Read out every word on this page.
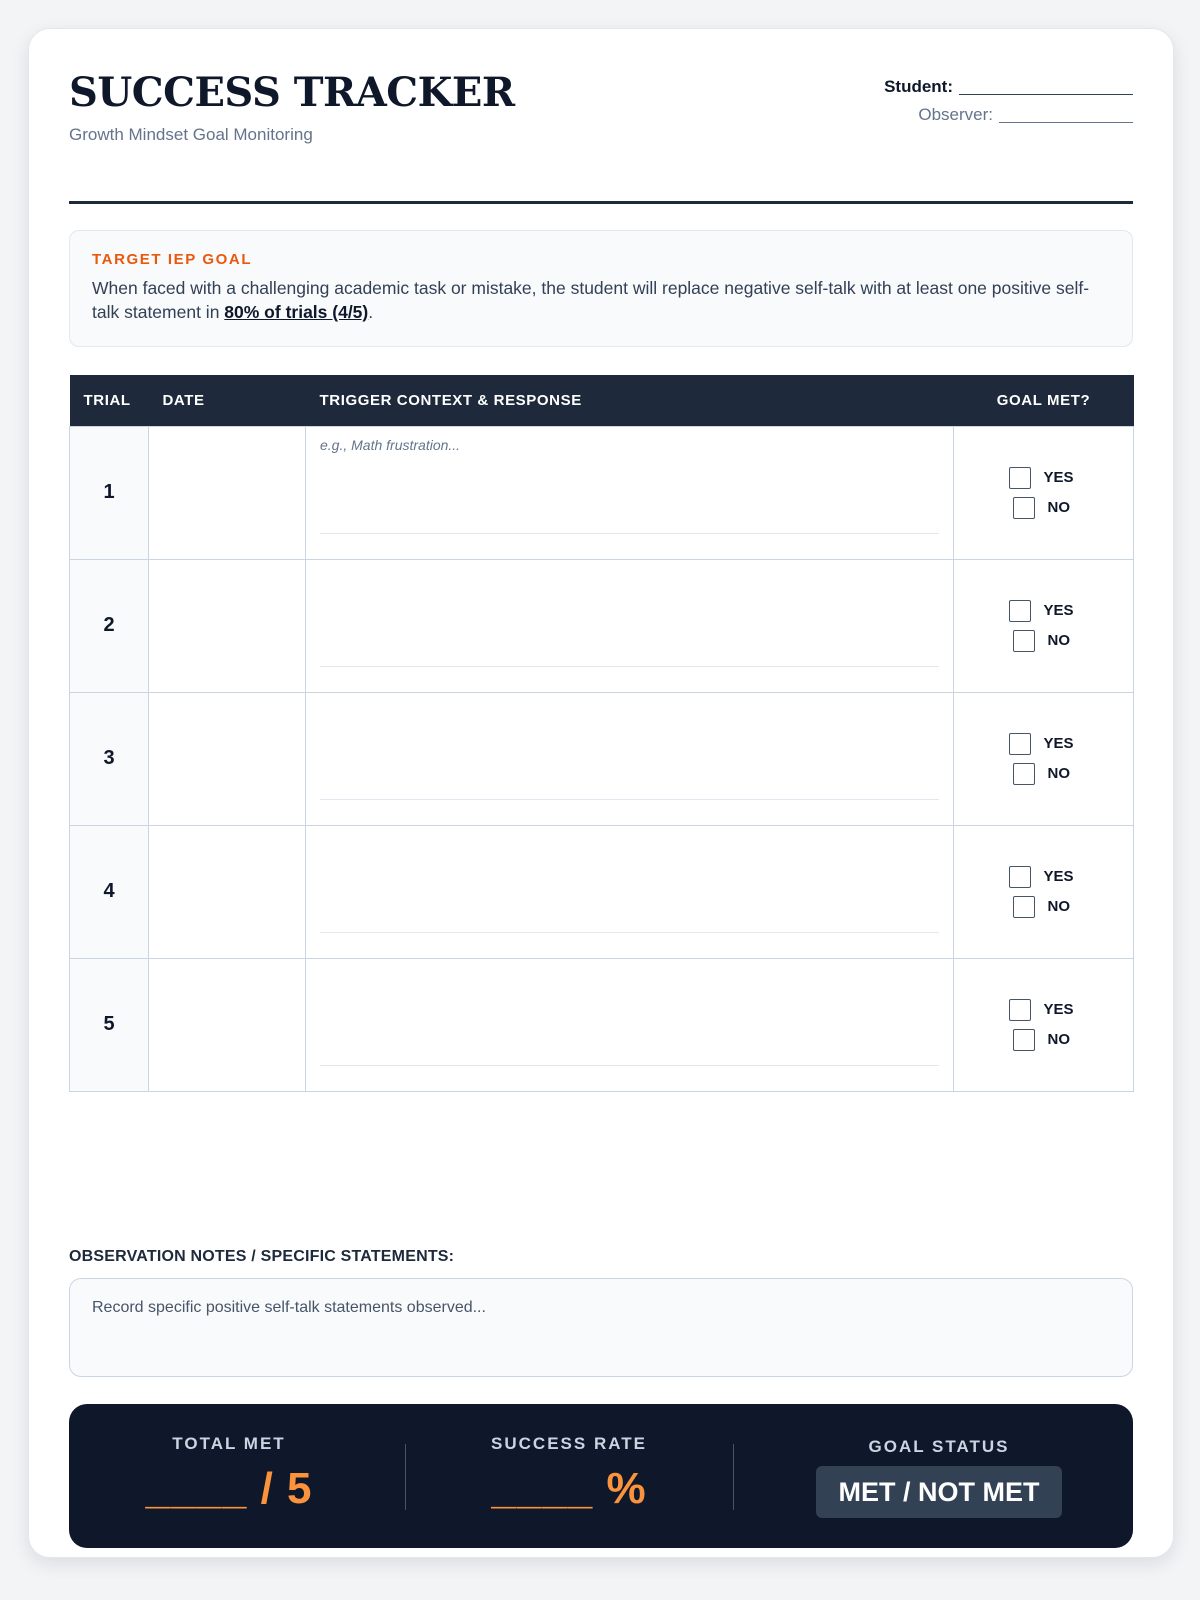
SUCCESS TRACKER
Growth Mindset Goal Monitoring
Student:
Observer:
TARGET IEP GOAL
When faced with a challenging academic task or mistake, the student will replace negative self-talk with at least one positive self-talk statement in 80% of trials (4/5).
TRIAL	DATE	TRIGGER CONTEXT & RESPONSE	GOAL MET?
1		e.g., Math frustration...	YES
NO

2			YES
NO

3			YES
NO

4			YES
NO

5			YES
NO
OBSERVATION NOTES / SPECIFIC STATEMENTS:
Record specific positive self-talk statements observed...
TOTAL MET
____ / 5
SUCCESS RATE
____ %
GOAL STATUS
MET / NOT MET
